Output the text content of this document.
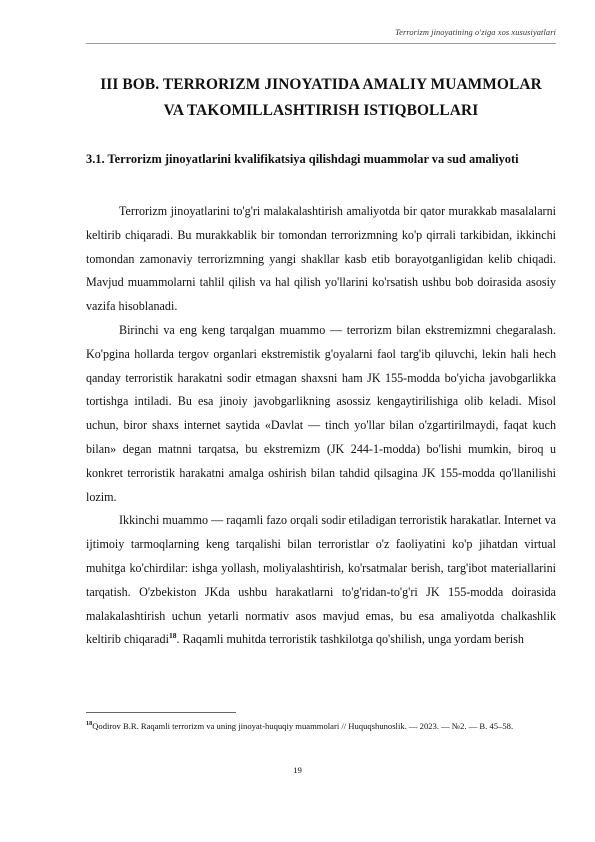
Terrorizm jinoyatining o'ziga xos xususiyatlari
III BOB. TERRORIZM JINOYATIDA AMALIY MUAMMOLAR
VA TAKOMILLASHTIRISH ISTIQBOLLARI
3.1. Terrorizm jinoyatlarini kvalifikatsiya qilishdagi muammolar va sud amaliyoti

Terrorizm jinoyatlarini to'g'ri malakalashtirish amaliyotda bir qator murakkab masalalarni keltirib chiqaradi. Bu murakkablik bir tomondan terrorizmning ko'p qirrali tarkibidan, ikkinchi tomondan zamonaviy terrorizmning yangi shakllar kasb etib borayotganligidan kelib chiqadi. Mavjud muammolarni tahlil qilish va hal qilish yo'llarini ko'rsatish ushbu bob doirasida asosiy vazifa hisoblanadi.

Birinchi va eng keng tarqalgan muammo — terrorizm bilan ekstremizmni chegaralash. Ko'pgina hollarda tergov organlari ekstremistik g'oyalarni faol targ'ib qiluvchi, lekin hali hech qanday terroristik harakatni sodir etmagan shaxsni ham JK 155-modda bo'yicha javobgarlikka tortishga intiladi. Bu esa jinoiy javobgarlikning asossiz kengaytirilishiga olib keladi. Misol uchun, biror shaxs internet saytida «Davlat — tinch yo'llar bilan o'zgartirilmaydi, faqat kuch bilan» degan matnni tarqatsa, bu ekstremizm (JK 244-1-modda) bo'lishi mumkin, biroq u konkret terroristik harakatni amalga oshirish bilan tahdid qilsagina JK 155-modda qo'llanilishi lozim.

Ikkinchi muammo — raqamli fazo orqali sodir etiladigan terroristik harakatlar. Internet va ijtimoiy tarmoqlarning keng tarqalishi bilan terroristlar o'z faoliyatini ko'p jihatdan virtual muhitga ko'chirdilar: ishga yollash, moliyalashtirish, ko'rsatmalar berish, targ'ibot materiallarini tarqatish. O'zbekiston JKda ushbu harakatlarni to'g'ridan-to'g'ri JK 155-modda doirasida malakalashtirish uchun yetarli normativ asos mavjud emas, bu esa amaliyotda chalkashlik keltirib chiqaradi$^{18}$. Raqamli muhitda terroristik tashkilotga qo'shilish, unga yordam berish

$^{18}$Qodirov B.R. Raqamli terrorizm va uning jinoyat-huquqiy muammolari // Huquqshunoslik. — 2023. — №2. — B. 45–58.
19
